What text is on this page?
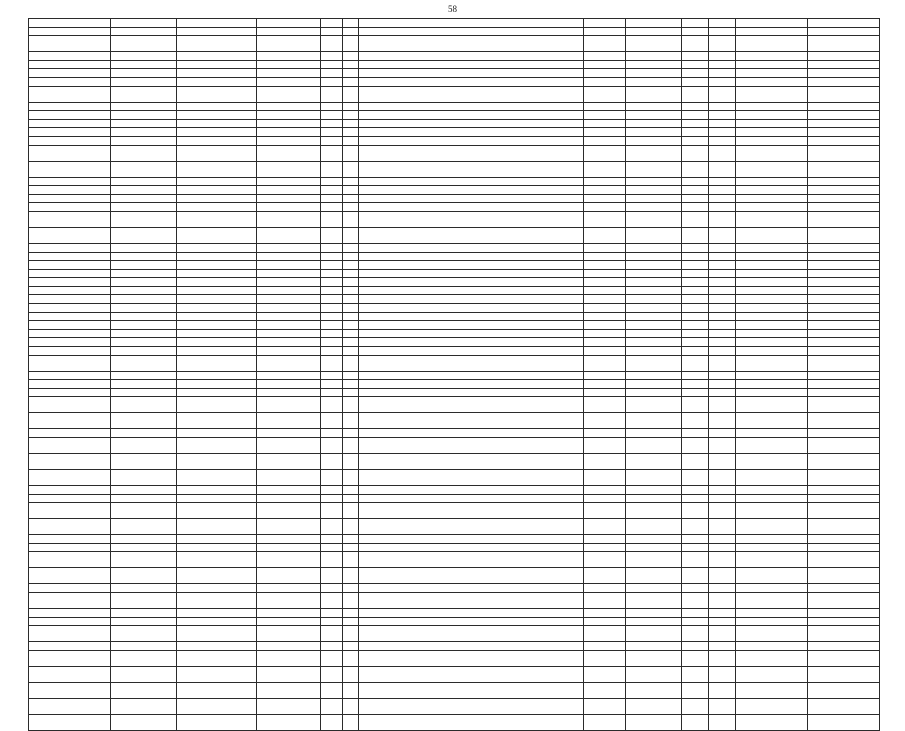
58
